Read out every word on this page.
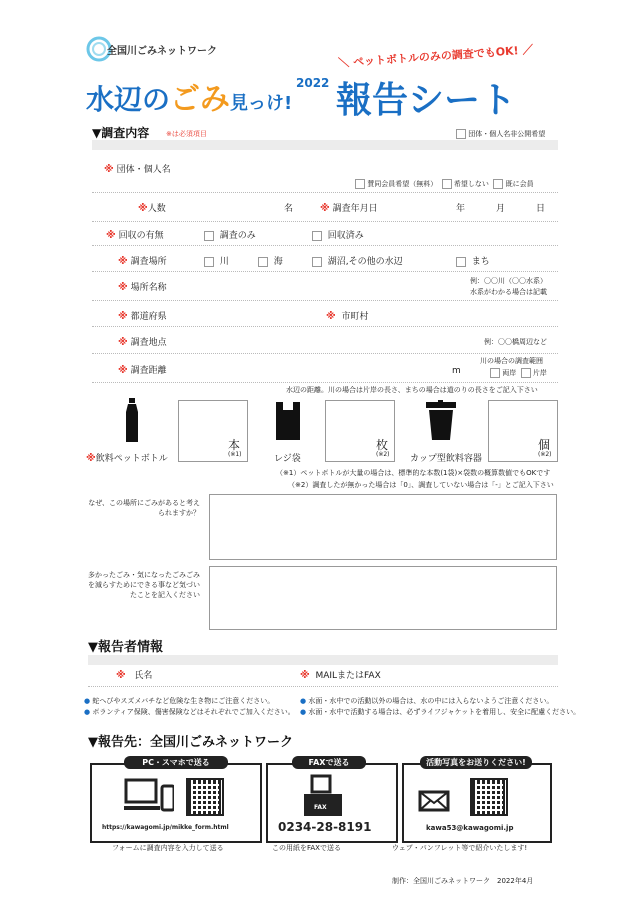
全国川ごみネットワーク
＼ ペットボトルのみの調査でもOK! ／
水辺のごみ見っけ!
2022 報告シート
▼調査内容 ※は必須項目	団体・個人名非公開希望
※ 団体・個人名
賛同会員希望（無料） 希望しない 既に会員
※人数	名	※ 調査年月日	年	月	日
※ 回収の有無	調査のみ	回収済み
※ 調査場所	川	海	湖沼,その他の水辺	まち
※ 場所名称
例：〇〇川（〇〇水系）
水系がわかる場合は記載
※ 都道府県	※ 市町村
※ 調査地点	例：〇〇橋周辺など
※ 調査距離	m
川の場合の調査範囲
両岸 片岸
水辺の距離。川の場合は片岸の長さ、まちの場合は道のりの長さをご記入下さい
本
(※1)
※飲料ペットボトル
枚
(※2)
レジ袋
個
(※2)
カップ型飲料容器
（※1）ペットボトルが大量の場合は、標準的な本数(1袋)×袋数の概算数値でもOKです
（※2）調査したが無かった場合は「0」、調査していない場合は「-」とご記入下さい
なぜ、この場所にごみがあると考えられますか？
多かったごみ・気になったごみごみを減らすためにできる事など気づいたことを記入ください
▼報告者情報
※ 氏名	※ MAILまたはFAX
● 蛇へびやスズメバチなど危険な生き物にご注意ください。	● 水面・水中での活動以外の場合は、水の中には入らないようご注意ください。
● ボランティア保険、傷害保険などはそれぞれでご加入ください。 ● 水面・水中で活動する場合は、必ずライフジャケットを着用し、安全に配慮ください。
▼報告先：全国川ごみネットワーク
PC・スマホで送る
https://kawagomi.jp/mikke_form.html
フォームに調査内容を入力して送る
FAXで送る
FAX
0234-28-8191
この用紙をFAXで送る
活動写真をお送りください!
kawa53@kawagomi.jp
ウェブ・パンフレット等で紹介いたします!
制作：全国川ごみネットワーク　2022年4月
